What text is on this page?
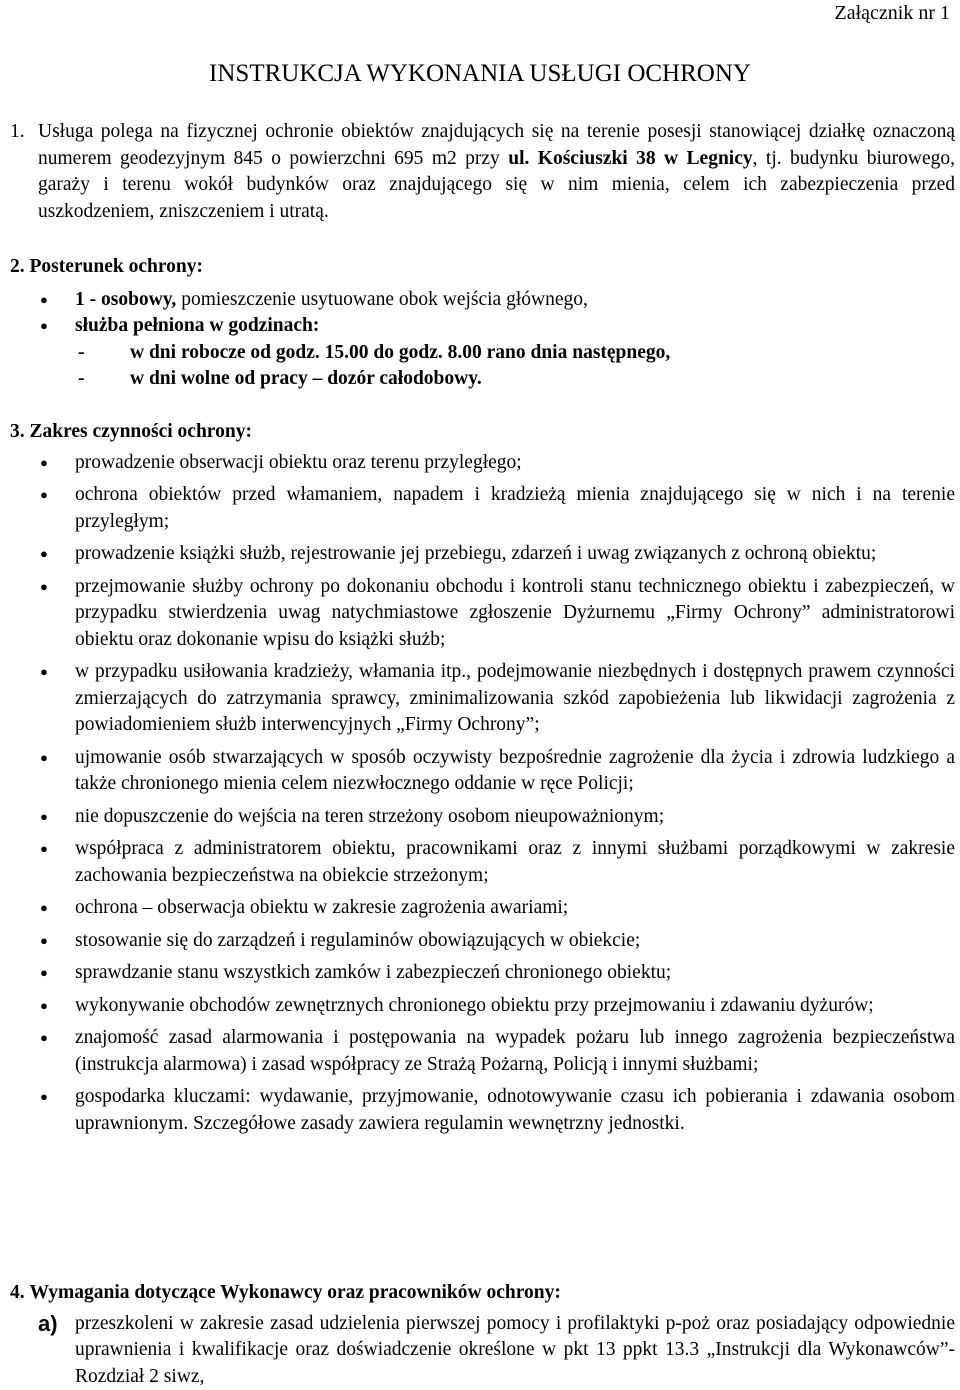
Załącznik nr 1
INSTRUKCJA WYKONANIA USŁUGI OCHRONY

1. Usługa polega na fizycznej ochronie obiektów znajdujących się na terenie posesji stanowiącej działkę oznaczoną numerem geodezyjnym 845 o powierzchni 695 m2 przy ul. Kościuszki 38 w Legnicy, tj. budynku biurowego, garaży i terenu wokół budynków oraz znajdującego się w nim mienia, celem ich zabezpieczenia przed uszkodzeniem, zniszczeniem i utratą.

2. Posterunek ochrony:

● 1 - osobowy, pomieszczenie usytuowane obok wejścia głównego,
● służba pełniona w godzinach:

- w dni robocze od godz. 15.00 do godz. 8.00 rano dnia następnego,

- w dni wolne od pracy – dozór całodobowy.

3. Zakres czynności ochrony:

● prowadzenie obserwacji obiektu oraz terenu przyległego;
● ochrona obiektów przed włamaniem, napadem i kradzieżą mienia znajdującego się w nich i na terenie przyległym;
● prowadzenie książki służb, rejestrowanie jej przebiegu, zdarzeń i uwag związanych z ochroną obiektu;
● przejmowanie służby ochrony po dokonaniu obchodu i kontroli stanu technicznego obiektu i zabezpieczeń, w przypadku stwierdzenia uwag natychmiastowe zgłoszenie Dyżurnemu „Firmy Ochrony” administratorowi obiektu oraz dokonanie wpisu do książki służb;
● w przypadku usiłowania kradzieży, włamania itp., podejmowanie niezbędnych i dostępnych prawem czynności zmierzających do zatrzymania sprawcy, zminimalizowania szkód zapobieżenia lub likwidacji zagrożenia z powiadomieniem służb interwencyjnych „Firmy Ochrony”;
● ujmowanie osób stwarzających w sposób oczywisty bezpośrednie zagrożenie dla życia i zdrowia ludzkiego a także chronionego mienia celem niezwłocznego oddanie w ręce Policji;
● nie dopuszczenie do wejścia na teren strzeżony osobom nieupoważnionym;
● współpraca z administratorem obiektu, pracownikami oraz z innymi służbami porządkowymi w zakresie zachowania bezpieczeństwa na obiekcie strzeżonym;
● ochrona – obserwacja obiektu w zakresie zagrożenia awariami;
● stosowanie się do zarządzeń i regulaminów obowiązujących w obiekcie;
● sprawdzanie stanu wszystkich zamków i zabezpieczeń chronionego obiektu;
● wykonywanie obchodów zewnętrznych chronionego obiektu przy przejmowaniu i zdawaniu dyżurów;
● znajomość zasad alarmowania i postępowania na wypadek pożaru lub innego zagrożenia bezpieczeństwa (instrukcja alarmowa) i zasad współpracy ze Strażą Pożarną, Policją i innymi służbami;
● gospodarka kluczami: wydawanie, przyjmowanie, odnotowywanie czasu ich pobierania i zdawania osobom uprawnionym. Szczegółowe zasady zawiera regulamin wewnętrzny jednostki.

4. Wymagania dotyczące Wykonawcy oraz pracowników ochrony:

a) przeszkoleni w zakresie zasad udzielenia pierwszej pomocy i profilaktyki p-poż oraz posiadający odpowiednie uprawnienia i kwalifikacje oraz doświadczenie określone w pkt 13 ppkt 13.3 „Instrukcji dla Wykonawców”- Rozdział 2 siwz,
